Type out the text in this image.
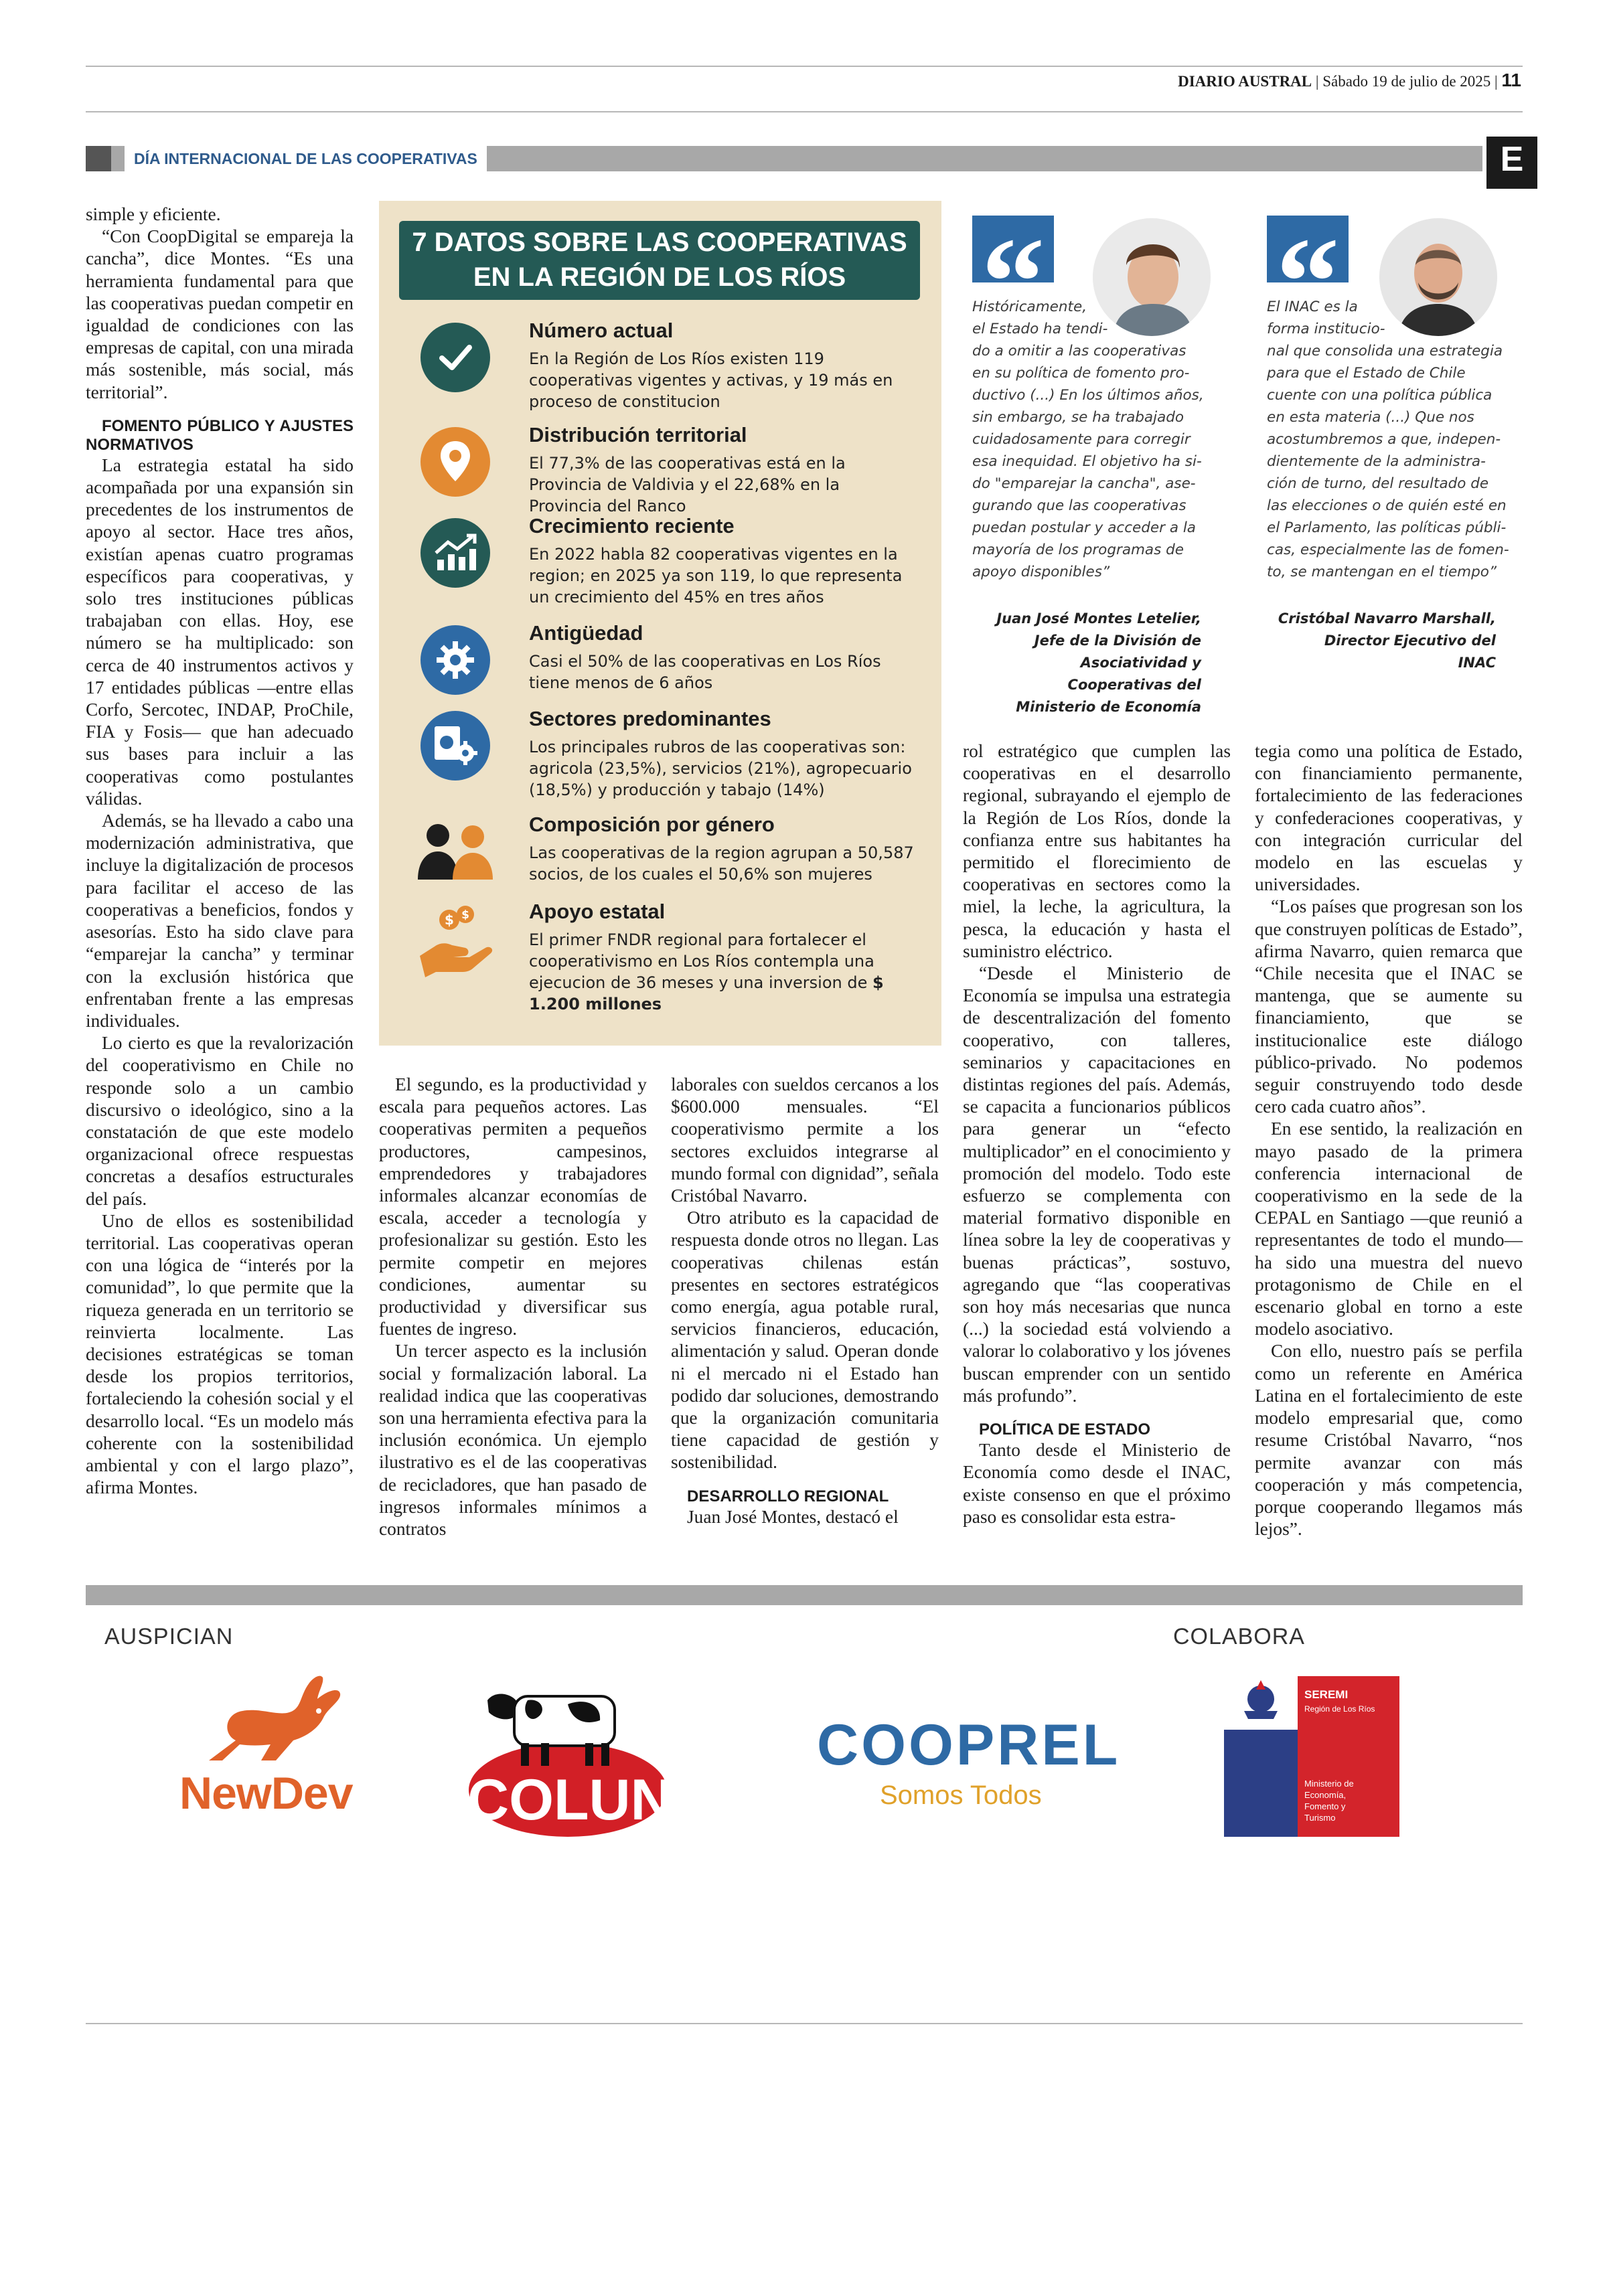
DIARIO AUSTRAL | Sábado 19 de julio de 2025 | 11
DÍA INTERNACIONAL DE LAS COOPERATIVAS	E

simple y eficiente.

“Con CoopDigital se empareja la cancha”, dice Montes. “Es una herramienta fundamental para que las cooperativas puedan competir en igualdad de condiciones con las empresas de capital, con una mirada más sostenible, más social, más territorial”.

FOMENTO PÚBLICO Y AJUSTES NORMATIVOS

La estrategia estatal ha sido acompañada por una expansión sin precedentes de los instrumentos de apoyo al sector. Hace tres años, existían apenas cuatro programas específicos para cooperativas, y solo tres instituciones públicas trabajaban con ellas. Hoy, ese número se ha multiplicado: son cerca de 40 instrumentos activos y 17 entidades públicas —entre ellas Corfo, Sercotec, INDAP, ProChile, FIA y Fosis— que han adecuado sus bases para incluir a las cooperativas como postulantes válidas.

Además, se ha llevado a cabo una modernización administrativa, que incluye la digitalización de procesos para facilitar el acceso de las cooperativas a beneficios, fondos y asesorías. Esto ha sido clave para “emparejar la cancha” y terminar con la exclusión histórica que enfrentaban frente a las empresas individuales.

Lo cierto es que la revalorización del cooperativismo en Chile no responde solo a un cambio discursivo o ideológico, sino a la constatación de que este modelo organizacional ofrece respuestas concretas a desafíos estructurales del país.

Uno de ellos es sostenibilidad territorial. Las cooperativas operan con una lógica de “interés por la comunidad”, lo que permite que la riqueza generada en un territorio se reinvierta localmente. Las decisiones estratégicas se toman desde los propios territorios, fortaleciendo la cohesión social y el desarrollo local. “Es un modelo más coherente con la sostenibilidad ambiental y con el largo plazo”, afirma Montes.

7 DATOS SOBRE LAS COOPERATIVAS
EN LA REGIÓN DE LOS RÍOS
Número actual
En la Región de Los Ríos existen 119 cooperativas vigentes y activas, y 19 más en proceso de constitucion
Distribución territorial
El 77,3% de las cooperativas está en la Provincia de Valdivia y el 22,68% en la Provincia del Ranco
Crecimiento reciente
En 2022 habla 82 cooperativas vigentes en la region; en 2025 ya son 119, lo que representa un crecimiento del 45% en tres años
Antigüedad
Casi el 50% de las cooperativas en Los Ríos tiene menos de 6 años
Sectores predominantes
Los principales rubros de las cooperativas son: agricola (23,5%), servicios (21%), agropecuario (18,5%) y producción y tabajo (14%)
Composición por género
Las cooperativas de la region agrupan a 50,587 socios, de los cuales el 50,6% son mujeres
$ $	Apoyo estatal
El primer FNDR regional para fortalecer el cooperativismo en Los Ríos contempla una ejecucion de 36 meses y una inversion de $ 1.200 millones

El segundo, es la productividad y escala para pequeños actores. Las cooperativas permiten a pequeños productores, campesinos, emprendedores y trabajadores informales alcanzar economías de escala, acceder a tecnología y profesionalizar su gestión. Esto les permite competir en mejores condiciones, aumentar su productividad y diversificar sus fuentes de ingreso.

Un tercer aspecto es la inclusión social y formalización laboral. La realidad indica que las cooperativas son una herramienta efectiva para la inclusión económica. Un ejemplo ilustrativo es el de las cooperativas de recicladores, que han pasado de ingresos informales mínimos a contratos

laborales con sueldos cercanos a los $600.000 mensuales. “El cooperativismo permite a los sectores excluidos integrarse al mundo formal con dignidad”, señala Cristóbal Navarro.

Otro atributo es la capacidad de respuesta donde otros no llegan. Las cooperativas chilenas están presentes en sectores estratégicos como energía, agua potable rural, servicios financieros, educación, alimentación y salud. Operan donde ni el mercado ni el Estado han podido dar soluciones, demostrando que la organización comunitaria tiene capacidad de gestión y sostenibilidad.

DESARROLLO REGIONAL

Juan José Montes, destacó el

Históricamente,
el Estado ha tendi-
do a omitir a las cooperativas
en su política de fomento pro-
ductivo (...) En los últimos años,
sin embargo, se ha trabajado
cuidadosamente para corregir
esa inequidad. El objetivo ha si-
do "emparejar la cancha", ase-
gurando que las cooperativas
puedan postular y acceder a la
mayoría de los programas de
apoyo disponibles”
Juan José Montes Letelier,
Jefe de la División de
Asociatividad y Cooperativas del
Ministerio de Economía
El INAC es la
forma institucio-
nal que consolida una estrategia
para que el Estado de Chile
cuente con una política pública
en esta materia (...) Que nos
acostumbremos a que, indepen-
dientemente de la administra-
ción de turno, del resultado de
las elecciones o de quién esté en
el Parlamento, las políticas públi-
cas, especialmente las de fomen-
to, se mantengan en el tiempo”
Cristóbal Navarro Marshall,
Director Ejecutivo del
INAC

rol estratégico que cumplen las cooperativas en el desarrollo regional, subrayando el ejemplo de la Región de Los Ríos, donde la confianza entre sus habitantes ha permitido el florecimiento de cooperativas en sectores como la miel, la leche, la agricultura, la pesca, la educación y hasta el suministro eléctrico.

“Desde el Ministerio de Economía se impulsa una estrategia de descentralización del fomento cooperativo, con talleres, seminarios y capacitaciones en distintas regiones del país. Además, se capacita a funcionarios públicos para generar un “efecto multiplicador” en el conocimiento y promoción del modelo. Todo este esfuerzo se complementa con material formativo disponible en línea sobre la ley de cooperativas y buenas prácticas”, sostuvo, agregando que “las cooperativas son hoy más necesarias que nunca (...) la sociedad está volviendo a valorar lo colaborativo y los jóvenes buscan emprender con un sentido más profundo”.

POLÍTICA DE ESTADO

Tanto desde el Ministerio de Economía como desde el INAC, existe consenso en que el próximo paso es consolidar esta estra-

tegia como una política de Estado, con financiamiento permanente, fortalecimiento de las federaciones y confederaciones cooperativas, y con integración curricular del modelo en las escuelas y universidades.

“Los países que progresan son los que construyen políticas de Estado”, afirma Navarro, quien remarca que “Chile necesita que el INAC se mantenga, que se aumente su financiamiento, que se institucionalice este diálogo público-privado. No podemos seguir construyendo todo desde cero cada cuatro años”.

En ese sentido, la realización en mayo pasado de la primera conferencia internacional de cooperativismo en la sede de la CEPAL en Santiago —que reunió a representantes de todo el mundo— ha sido una muestra del nuevo protagonismo de Chile en el escenario global en torno a este modelo asociativo.

Con ello, nuestro país se perfila como un referente en América Latina en el fortalecimiento de este modelo empresarial que, como resume Cristóbal Navarro, “nos permite avanzar con más cooperación y más competencia, porque cooperando llegamos más lejos”.

AUSPICIAN	COLABORA
NewDev COLUN
COOPREL
Somos Todos
SEREMI
Región de Los Ríos
Ministerio de Economía, Fomento y Turismo
